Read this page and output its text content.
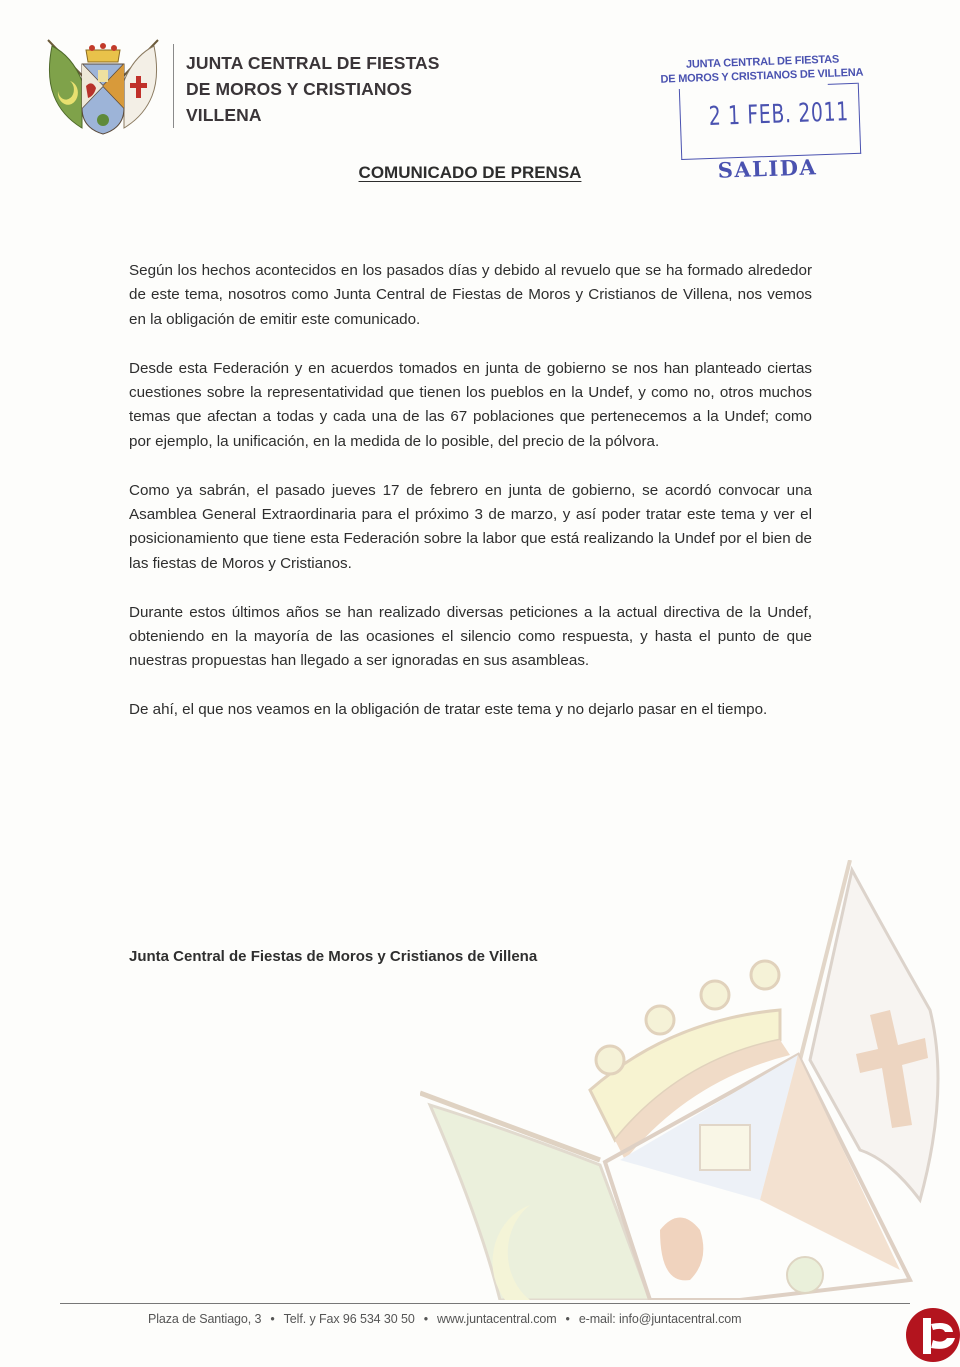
JUNTA CENTRAL DE FIESTAS
DE MOROS Y CRISTIANOS
VILLENA
JUNTA CENTRAL DE FIESTAS
DE MOROS Y CRISTIANOS DE VILLENA
2 1 FEB. 2011
SALIDA
COMUNICADO DE PRENSA

Según los hechos acontecidos en los pasados días y debido al revuelo que se ha formado alrededor de este tema, nosotros como Junta Central de Fiestas de Moros y Cristianos de Villena, nos vemos en la obligación de emitir este comunicado.

Desde esta Federación y en acuerdos tomados en junta de gobierno se nos han planteado ciertas cuestiones sobre la representatividad que tienen los pueblos en la Undef, y como no, otros muchos temas que afectan a todas y cada una de las 67 poblaciones que pertenecemos a la Undef; como por ejemplo, la unificación, en la medida de lo posible, del precio de la pólvora.

Como ya sabrán, el pasado jueves 17 de febrero en junta de gobierno, se acordó convocar una Asamblea General Extraordinaria para el próximo 3 de marzo, y así poder tratar este tema y ver el posicionamiento que tiene esta Federación sobre la labor que está realizando la Undef por el bien de las fiestas de Moros y Cristianos.

Durante estos últimos años se han realizado diversas peticiones a la actual directiva de la Undef, obteniendo en la mayoría de las ocasiones el silencio como respuesta, y hasta el punto de que nuestras propuestas han llegado a ser ignoradas en sus asambleas.

De ahí, el que nos veamos en la obligación de tratar este tema y no dejarlo pasar en el tiempo.

Junta Central de Fiestas de Moros y Cristianos de Villena
Plaza de Santiago, 3 • Telf. y Fax 96 534 30 50 • www.juntacentral.com • e-mail: info@juntacentral.com
